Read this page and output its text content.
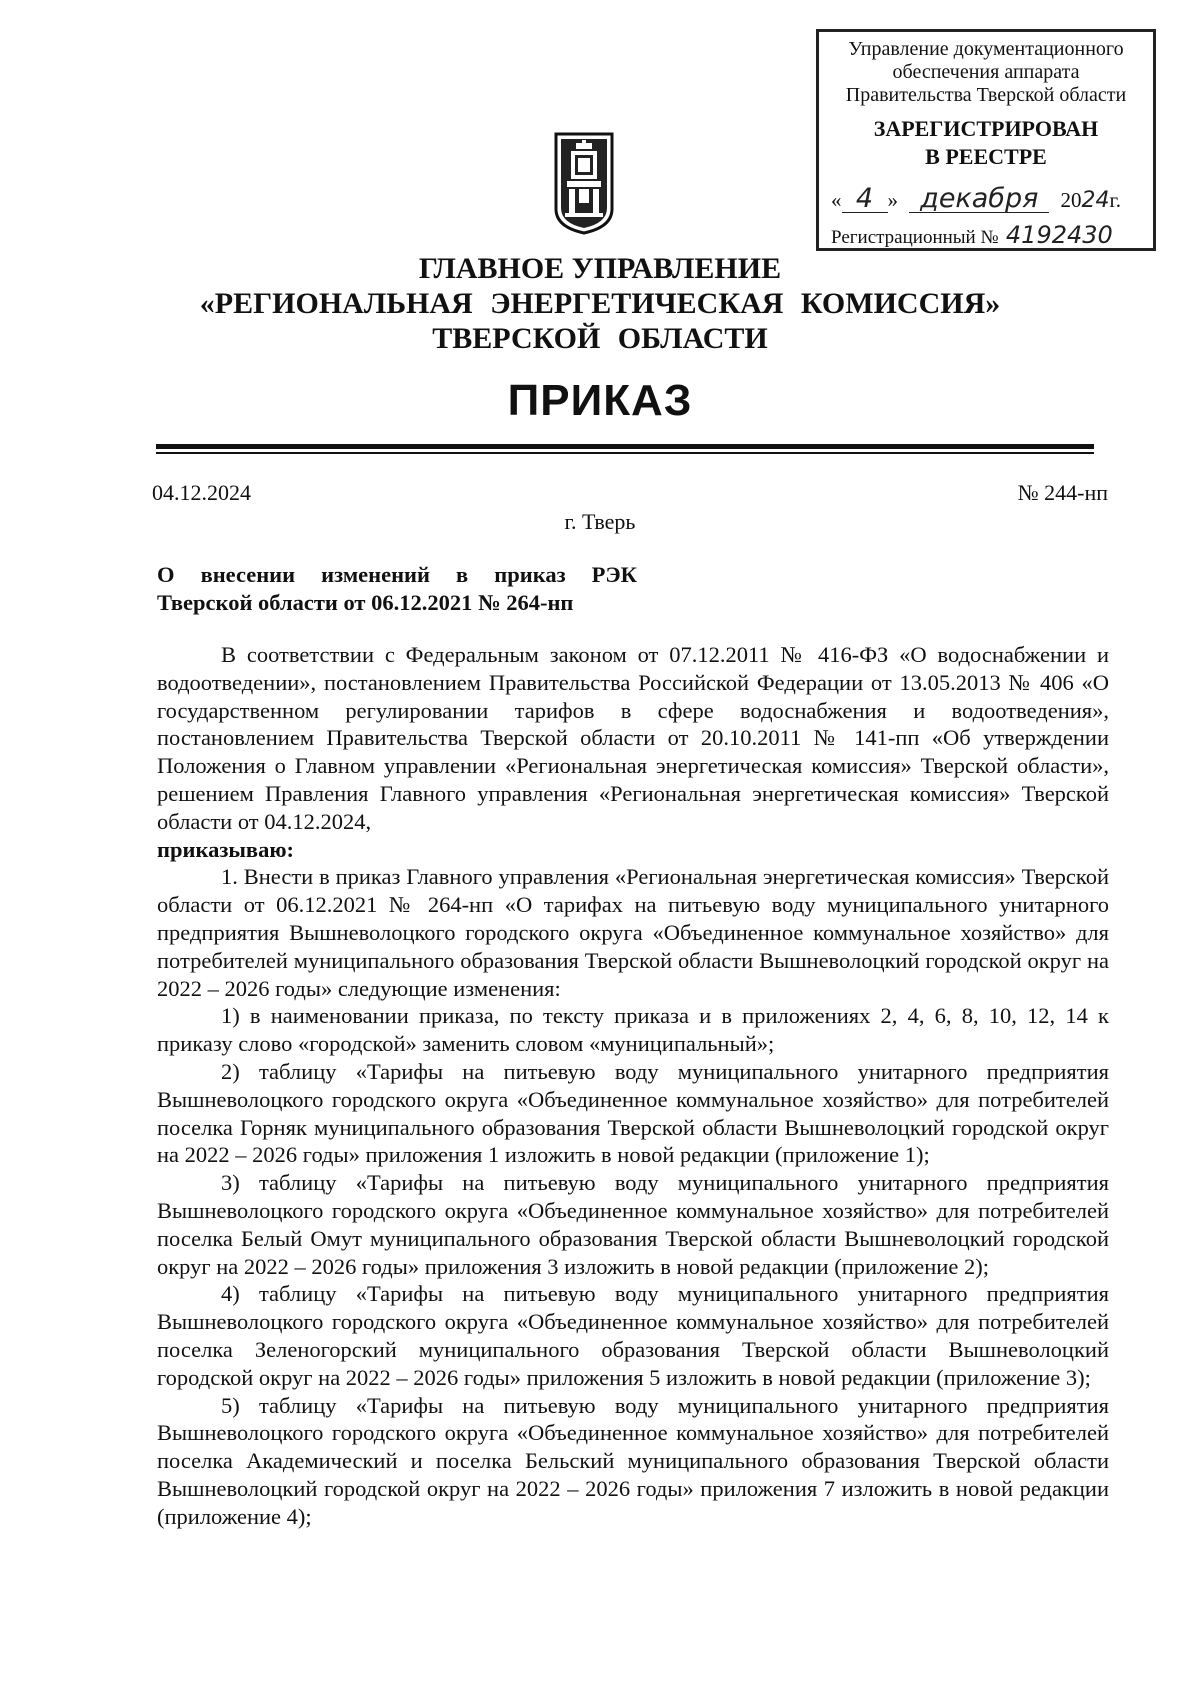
Управление документационного
обеспечения аппарата
Правительства Тверской области
ЗАРЕГИСТРИРОВАН
В РЕЕСТРЕ
« 4 » декабря 2024г.
Регистрационный № 4192430
ГЛАВНОЕ УПРАВЛЕНИЕ
«РЕГИОНАЛЬНАЯ ЭНЕРГЕТИЧЕСКАЯ КОМИССИЯ»
ТВЕРСКОЙ ОБЛАСТИ
ПРИКАЗ
04.12.2024	№ 244-нп
г. Тверь
О внесении изменений в приказ РЭК
Тверской области от 06.12.2021 № 264-нп

В соответствии с Федеральным законом от 07.12.2011 № 416-ФЗ «О водоснабжении и водоотведении», постановлением Правительства Российской Федерации от 13.05.2013 № 406 «О государственном регулировании тарифов в сфере водоснабжения и водоотведения», постановлением Правительства Тверской области от 20.10.2011 № 141-пп «Об утверждении Положения о Главном управлении «Региональная энергетическая комиссия» Тверской области», решением Правления Главного управления «Региональная энергетическая комиссия» Тверской области от 04.12.2024,

приказываю:

1. Внести в приказ Главного управления «Региональная энергетическая комиссия» Тверской области от 06.12.2021 № 264-нп «О тарифах на питьевую воду муниципального унитарного предприятия Вышневолоцкого городского округа «Объединенное коммунальное хозяйство» для потребителей муниципального образования Тверской области Вышневолоцкий городской округ на 2022 – 2026 годы» следующие изменения:

1) в наименовании приказа, по тексту приказа и в приложениях 2, 4, 6, 8, 10, 12, 14 к приказу слово «городской» заменить словом «муниципальный»;

2) таблицу «Тарифы на питьевую воду муниципального унитарного предприятия Вышневолоцкого городского округа «Объединенное коммунальное хозяйство» для потребителей поселка Горняк муниципального образования Тверской области Вышневолоцкий городской округ на 2022 – 2026 годы» приложения 1 изложить в новой редакции (приложение 1);

3) таблицу «Тарифы на питьевую воду муниципального унитарного предприятия Вышневолоцкого городского округа «Объединенное коммунальное хозяйство» для потребителей поселка Белый Омут муниципального образования Тверской области Вышневолоцкий городской округ на 2022 – 2026 годы» приложения 3 изложить в новой редакции (приложение 2);

4) таблицу «Тарифы на питьевую воду муниципального унитарного предприятия Вышневолоцкого городского округа «Объединенное коммунальное хозяйство» для потребителей поселка Зеленогорский муниципального образования Тверской области Вышневолоцкий городской округ на 2022 – 2026 годы» приложения 5 изложить в новой редакции (приложение 3);

5) таблицу «Тарифы на питьевую воду муниципального унитарного предприятия Вышневолоцкого городского округа «Объединенное коммунальное хозяйство» для потребителей поселка Академический и поселка Бельский муниципального образования Тверской области Вышневолоцкий городской округ на 2022 – 2026 годы» приложения 7 изложить в новой редакции (приложение 4);
